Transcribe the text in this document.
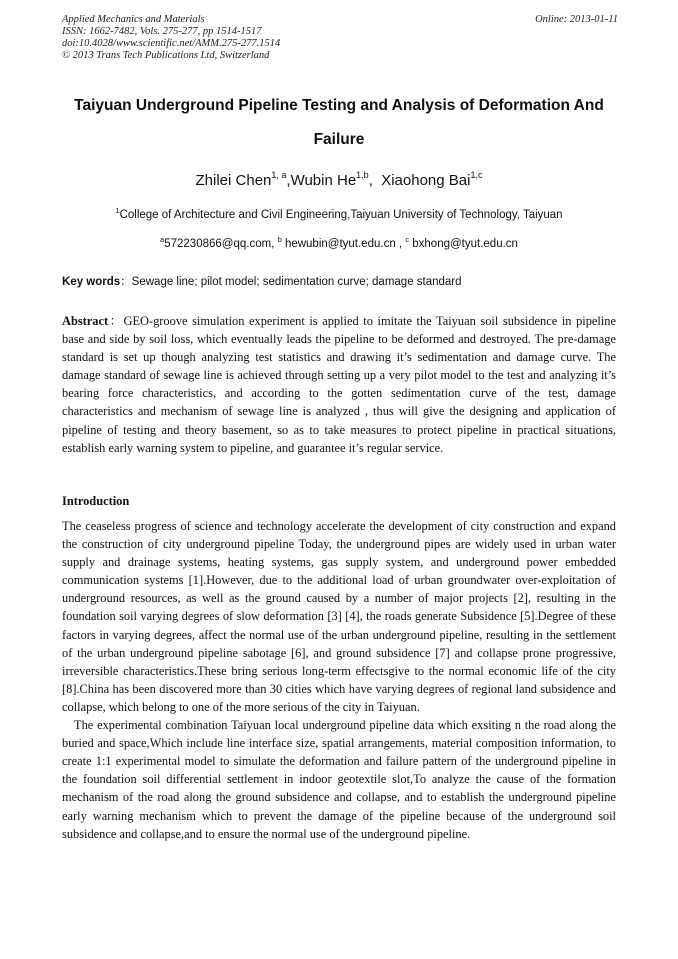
Applied Mechanics and Materials
ISSN: 1662-7482, Vols. 275-277, pp 1514-1517
doi:10.4028/www.scientific.net/AMM.275-277.1514
© 2013 Trans Tech Publications Ltd, Switzerland
Online: 2013-01-11
Taiyuan Underground Pipeline Testing and Analysis of Deformation And Failure
Zhilei Chen$^{1, a}$,Wubin He$^{1,b}$,  Xiaohong Bai$^{1,c}$
$^1$College of Architecture and Civil Engineering,Taiyuan University of Technology, Taiyuan
$^a$572230866@qq.com, $^b$ hewubin@tyut.edu.cn , $^c$ bxhong@tyut.edu.cn
Key words：Sewage line; pilot model; sedimentation curve; damage standard
Abstract：GEO-groove simulation experiment is applied to imitate the Taiyuan soil subsidence in pipeline base and side by soil loss, which eventually leads the pipeline to be deformed and destroyed. The pre-damage standard is set up though analyzing test statistics and drawing it’s sedimentation and damage curve. The damage standard of sewage line is achieved through setting up a very pilot model to the test and analyzing it’s bearing force characteristics, and according to the gotten sedimentation curve of the test, damage characteristics and mechanism of sewage line is analyzed , thus will give the designing and application of pipeline of testing and theory basement, so as to take measures to protect pipeline in practical situations, establish early warning system to pipeline, and guarantee it’s regular service.
Introduction

The ceaseless progress of science and technology accelerate the development of city construction and expand the construction of city underground pipeline Today, the underground pipes are widely used in urban water supply and drainage systems, heating systems, gas supply system, and underground power embedded communication systems [1].However, due to the additional load of urban groundwater over-exploitation of underground resources, as well as the ground caused by a number of major projects [2], resulting in the foundation soil varying degrees of slow deformation [3] [4], the roads generate Subsidence [5].Degree of these factors in varying degrees, affect the normal use of the urban underground pipeline, resulting in the settlement of the urban underground pipeline sabotage [6], and ground subsidence [7] and collapse prone progressive, irreversible characteristics.These bring serious long-term effectsgive to the normal economic life of the city [8].China has been discovered more than 30 cities which have varying degrees of regional land subsidence and collapse, which belong to one of the more serious of the city in Taiyuan.

The experimental combination Taiyuan local underground pipeline data which exsiting n the road along the buried and space,Which include line interface size, spatial arrangements, material composition information, to create 1:1 experimental model to simulate the deformation and failure pattern of the underground pipeline in the foundation soil differential settlement in indoor geotextile slot,To analyze the cause of the formation mechanism of the road along the ground subsidence and collapse, and to establish the underground pipeline early warning mechanism which to prevent the damage of the pipeline because of the underground soil subsidence and collapse,and to ensure the normal use of the underground pipeline.
